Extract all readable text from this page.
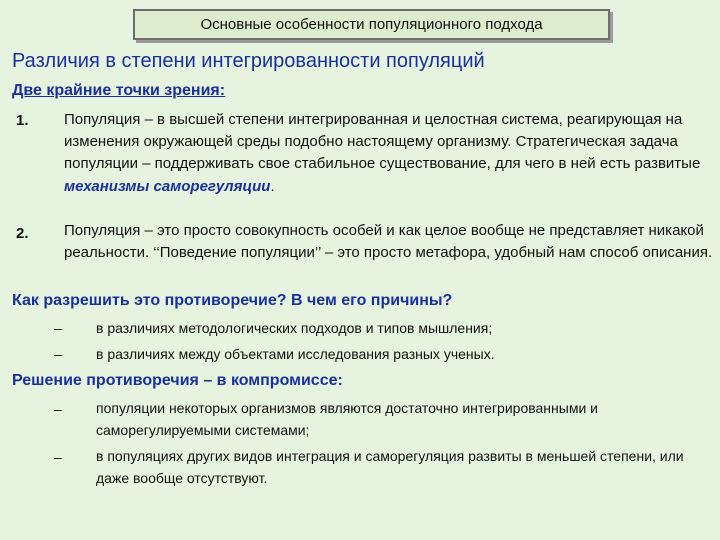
Основные особенности популяционного подхода
Различия в степени интегрированности популяций
Две крайние точки зрения:
1. Популяция – в высшей степени интегрированная и целостная система, реагирующая на изменения окружающей среды подобно настоящему организму. Стратегическая задача популяции – поддерживать свое стабильное существование, для чего в ней есть развитые механизмы саморегуляции.
2. Популяция – это просто совокупность особей и как целое вообще не представляет никакой реальности. ‘‘Поведение популяции’’ – это просто метафора, удобный нам способ описания.
Как разрешить это противоречие? В чем его причины?
– в различиях методологических подходов и типов мышления;
– в различиях между объектами исследования разных ученых.
Решение противоречия – в компромиссе:
– популяции некоторых организмов являются достаточно интегрированными и саморегулируемыми системами;
– в популяциях других видов интеграция и саморегуляция развиты в меньшей степени, или даже вообще отсутствуют.
